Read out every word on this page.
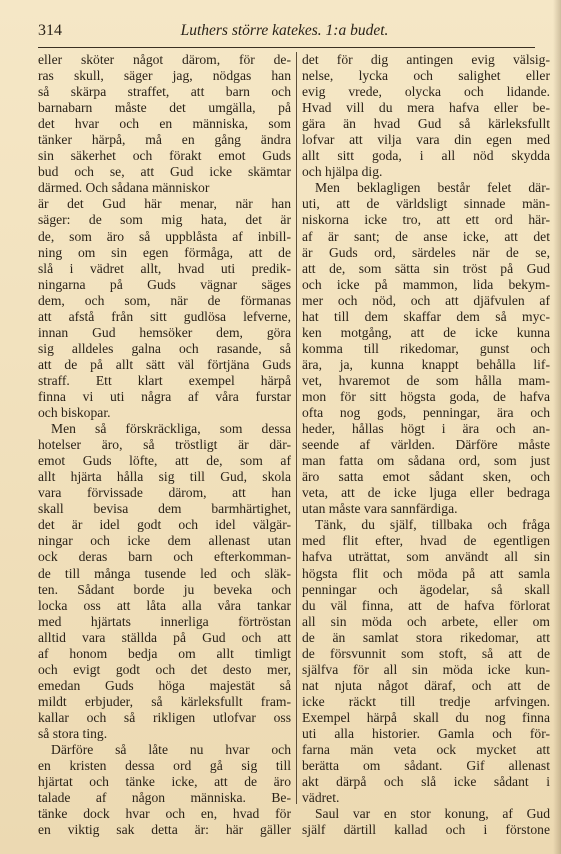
314	Luthers större katekes. 1:a budet.
eller sköter något därom, för de-
ras skull, säger jag, nödgas han
så skärpa straffet, att barn och
barnabarn måste det umgälla, på
det hvar och en människa, som
tänker härpå, må en gång ändra
sin säkerhet och förakt emot Guds
bud och se, att Gud icke skämtar
därmed. Och sådana människor
är det Gud här menar, när han
säger: de som mig hata, det är
de, som äro så uppblåsta af inbill-
ning om sin egen förmåga, att de
slå i vädret allt, hvad uti predik-
ningarna på Guds vägnar säges
dem, och som, när de förmanas
att afstå från sitt gudlösa lefverne,
innan Gud hemsöker dem, göra
sig alldeles galna och rasande, så
att de på allt sätt väl förtjäna Guds
straff. Ett klart exempel härpå
finna vi uti några af våra furstar
och biskopar.
Men så förskräckliga, som dessa
hotelser äro, så tröstligt är där-
emot Guds löfte, att de, som af
allt hjärta hålla sig till Gud, skola
vara förvissade därom, att han
skall bevisa dem barmhärtighet,
det är idel godt och idel välgär-
ningar och icke dem allenast utan
ock deras barn och efterkomman-
de till många tusende led och släk-
ten. Sådant borde ju beveka och
locka oss att låta alla våra tankar
med hjärtats innerliga förtröstan
alltid vara ställda på Gud och att
af honom bedja om allt timligt
och evigt godt och det desto mer,
emedan Guds höga majestät så
mildt erbjuder, så kärleksfullt fram-
kallar och så rikligen utlofvar oss
så stora ting.
Därföre så låte nu hvar och
en kristen dessa ord gå sig till
hjärtat och tänke icke, att de äro
talade af någon människa. Be-
tänke dock hvar och en, hvad för
en viktig sak detta är: här gäller
det för dig antingen evig välsig-
nelse, lycka och salighet eller
evig vrede, olycka och lidande.
Hvad vill du mera hafva eller be-
gära än hvad Gud så kärleksfullt
lofvar att vilja vara din egen med
allt sitt goda, i all nöd skydda
och hjälpa dig.
Men beklagligen består felet där-
uti, att de världsligt sinnade män-
niskorna icke tro, att ett ord här-
af är sant; de anse icke, att det
är Guds ord, särdeles när de se,
att de, som sätta sin tröst på Gud
och icke på mammon, lida bekym-
mer och nöd, och att djäfvulen af
hat till dem skaffar dem så myc-
ken motgång, att de icke kunna
komma till rikedomar, gunst och
ära, ja, kunna knappt behålla lif-
vet, hvaremot de som hålla mam-
mon för sitt högsta goda, de hafva
ofta nog gods, penningar, ära och
heder, hållas högt i ära och an-
seende af världen. Därföre måste
man fatta om sådana ord, som just
äro satta emot sådant sken, och
veta, att de icke ljuga eller bedraga
utan måste vara sannfärdiga.
Tänk, du själf, tillbaka och fråga
med flit efter, hvad de egentligen
hafva uträttat, som användt all sin
högsta flit och möda på att samla
penningar och ägodelar, så skall
du väl finna, att de hafva förlorat
all sin möda och arbete, eller om
de än samlat stora rikedomar, att
de försvunnit som stoft, så att de
själfva för all sin möda icke kun-
nat njuta något däraf, och att de
icke räckt till tredje arfvingen.
Exempel härpå skall du nog finna
uti alla historier. Gamla och för-
farna män veta ock mycket att
berätta om sådant. Gif allenast
akt därpå och slå icke sådant i
vädret.
Saul var en stor konung, af Gud
själf därtill kallad och i förstone
